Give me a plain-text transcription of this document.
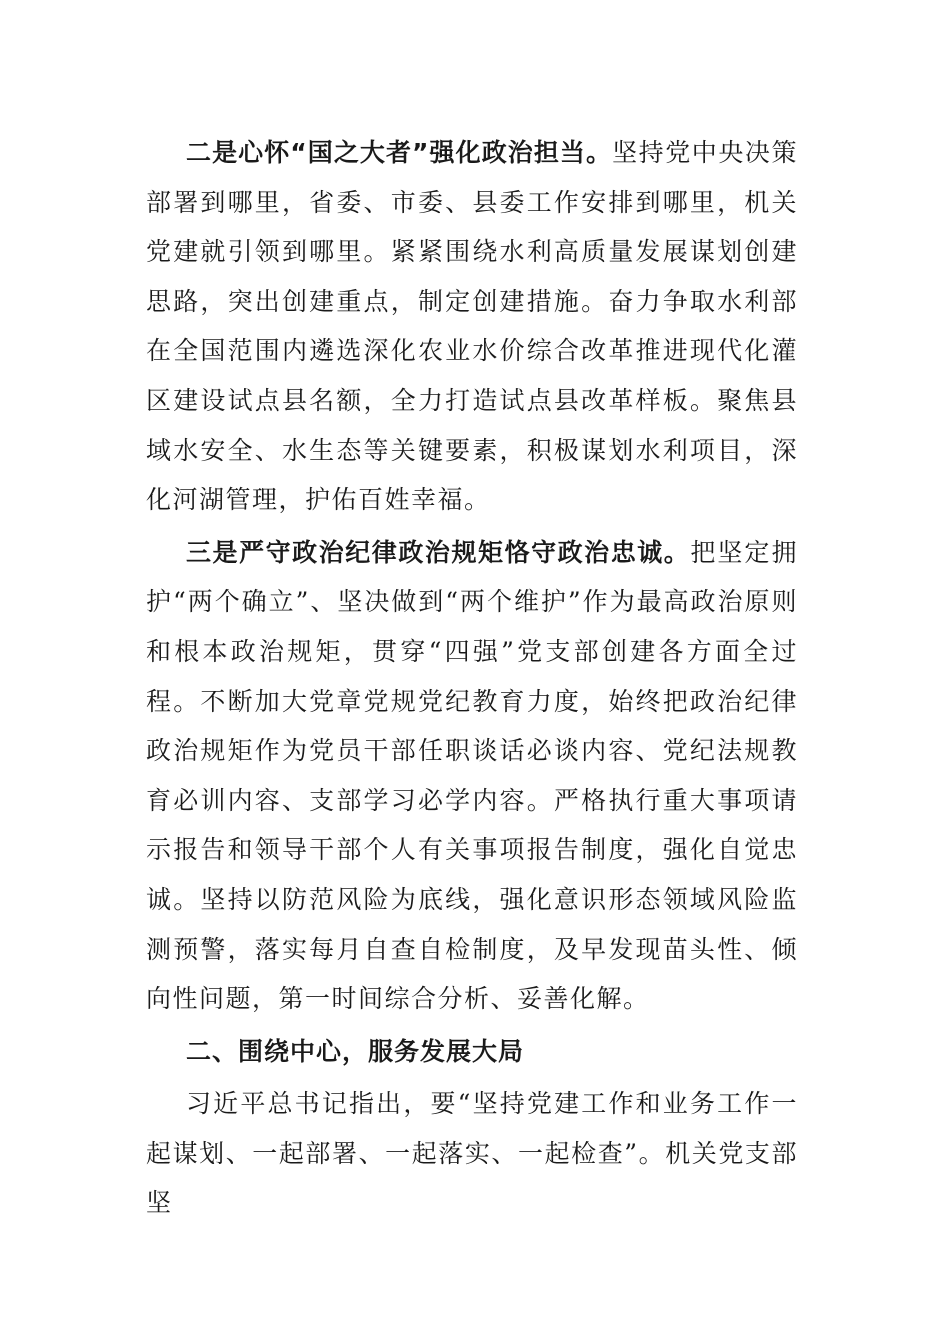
二是心怀“国之大者”强化政治担当。坚持党中央决策部署到哪里，省委、市委、县委工作安排到哪里，机关党建就引领到哪里。紧紧围绕水利高质量发展谋划创建思路，突出创建重点，制定创建措施。奋力争取水利部在全国范围内遴选深化农业水价综合改革推进现代化灌区建设试点县名额，全力打造试点县改革样板。聚焦县域水安全、水生态等关键要素，积极谋划水利项目，深化河湖管理，护佑百姓幸福。

三是严守政治纪律政治规矩恪守政治忠诚。把坚定拥护“两个确立”、坚决做到“两个维护”作为最高政治原则和根本政治规矩，贯穿“四强”党支部创建各方面全过程。不断加大党章党规党纪教育力度，始终把政治纪律政治规矩作为党员干部任职谈话必谈内容、党纪法规教育必训内容、支部学习必学内容。严格执行重大事项请示报告和领导干部个人有关事项报告制度，强化自觉忠诚。坚持以防范风险为底线，强化意识形态领域风险监测预警，落实每月自查自检制度，及早发现苗头性、倾向性问题，第一时间综合分析、妥善化解。

二、围绕中心，服务发展大局

习近平总书记指出，要“坚持党建工作和业务工作一起谋划、一起部署、一起落实、一起检查”。机关党支部坚
